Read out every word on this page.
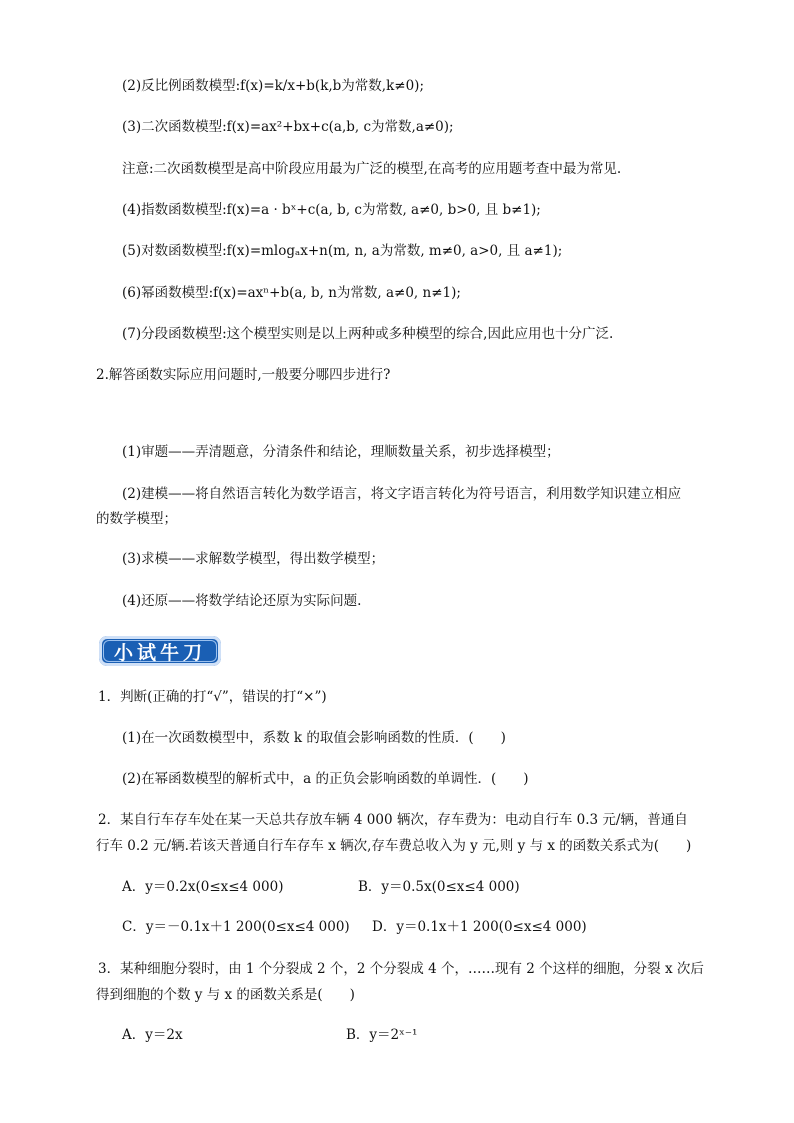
(2)反比例函数模型:f(x)=k/x+b(k,b为常数,k≠0);
(3)二次函数模型:f(x)=ax²+bx+c(a,b, c为常数,a≠0);
注意:二次函数模型是高中阶段应用最为广泛的模型,在高考的应用题考查中最为常见.
(4)指数函数模型:f(x)=a · bˣ+c(a, b, c为常数, a≠0, b>0, 且 b≠1);
(5)对数函数模型:f(x)=mlogₐx+n(m, n, a为常数, m≠0, a>0, 且 a≠1);
(6)幂函数模型:f(x)=axⁿ+b(a, b, n为常数, a≠0, n≠1);
(7)分段函数模型:这个模型实则是以上两种或多种模型的综合,因此应用也十分广泛.
2.解答函数实际应用问题时,一般要分哪四步进行?
(1)审题——弄清题意，分清条件和结论，理顺数量关系，初步选择模型；
(2)建模——将自然语言转化为数学语言，将文字语言转化为符号语言，利用数学知识建立相应
的数学模型；
(3)求模——求解数学模型，得出数学模型；
(4)还原——将数学结论还原为实际问题.
小试牛刀
1．判断(正确的打“√”，错误的打“×”)
(1)在一次函数模型中，系数 k 的取值会影响函数的性质．(　　)
(2)在幂函数模型的解析式中，a 的正负会影响函数的单调性．(　　)
2．某自行车存车处在某一天总共存放车辆 4 000 辆次，存车费为：电动自行车 0.3 元/辆，普通自
行车 0.2 元/辆.若该天普通自行车存车 x 辆次,存车费总收入为 y 元,则 y 与 x 的函数关系式为(　　)
A．y＝0.2x(0≤x≤4 000)	B．y＝0.5x(0≤x≤4 000)
C．y＝－0.1x＋1 200(0≤x≤4 000) D．y＝0.1x＋1 200(0≤x≤4 000)
3．某种细胞分裂时，由 1 个分裂成 2 个，2 个分裂成 4 个，……现有 2 个这样的细胞，分裂 x 次后
得到细胞的个数 y 与 x 的函数关系是(　　)
A．y＝2x	B．y＝2ˣ⁻¹
